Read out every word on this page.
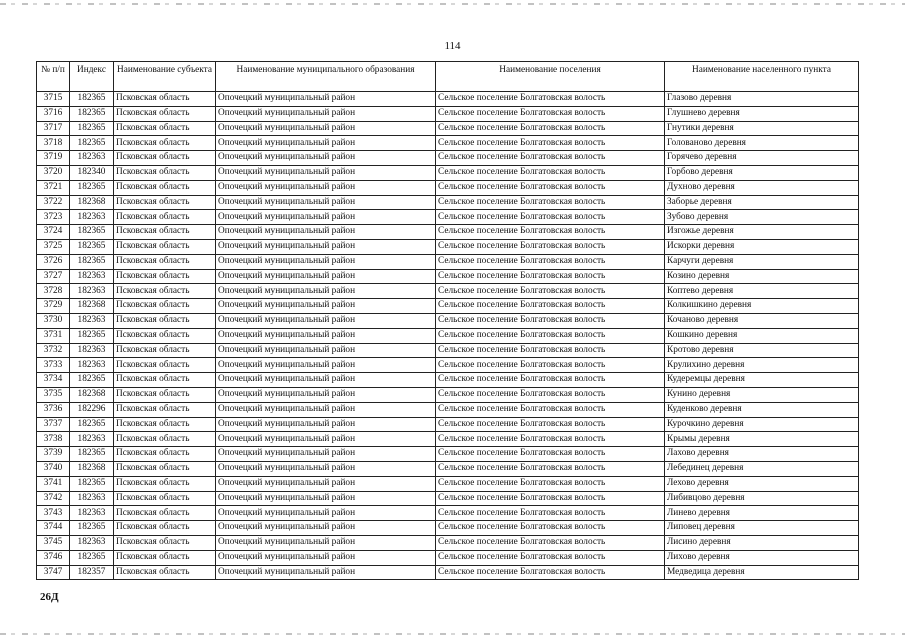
114
№ п/п	Индекс	Наименование субъекта	Наименование муниципального образования	Наименование поселения	Наименование населенного пункта
3715	182365	Псковская область	Опочецкий муниципальный район	Сельское поселение Болгатовская волость	Глазово деревня
3716	182365	Псковская область	Опочецкий муниципальный район	Сельское поселение Болгатовская волость	Глушнево деревня
3717	182365	Псковская область	Опочецкий муниципальный район	Сельское поселение Болгатовская волость	Гнутики деревня
3718	182365	Псковская область	Опочецкий муниципальный район	Сельское поселение Болгатовская волость	Голованово деревня
3719	182363	Псковская область	Опочецкий муниципальный район	Сельское поселение Болгатовская волость	Горячево деревня
3720	182340	Псковская область	Опочецкий муниципальный район	Сельское поселение Болгатовская волость	Горбово деревня
3721	182365	Псковская область	Опочецкий муниципальный район	Сельское поселение Болгатовская волость	Духново деревня
3722	182368	Псковская область	Опочецкий муниципальный район	Сельское поселение Болгатовская волость	Заборье деревня
3723	182363	Псковская область	Опочецкий муниципальный район	Сельское поселение Болгатовская волость	Зубово деревня
3724	182365	Псковская область	Опочецкий муниципальный район	Сельское поселение Болгатовская волость	Изгожье деревня
3725	182365	Псковская область	Опочецкий муниципальный район	Сельское поселение Болгатовская волость	Искорки деревня
3726	182365	Псковская область	Опочецкий муниципальный район	Сельское поселение Болгатовская волость	Карчуги деревня
3727	182363	Псковская область	Опочецкий муниципальный район	Сельское поселение Болгатовская волость	Козино деревня
3728	182363	Псковская область	Опочецкий муниципальный район	Сельское поселение Болгатовская волость	Коптево деревня
3729	182368	Псковская область	Опочецкий муниципальный район	Сельское поселение Болгатовская волость	Колкишкино деревня
3730	182363	Псковская область	Опочецкий муниципальный район	Сельское поселение Болгатовская волость	Кочаново деревня
3731	182365	Псковская область	Опочецкий муниципальный район	Сельское поселение Болгатовская волость	Кошкино деревня
3732	182363	Псковская область	Опочецкий муниципальный район	Сельское поселение Болгатовская волость	Кротово деревня
3733	182363	Псковская область	Опочецкий муниципальный район	Сельское поселение Болгатовская волость	Крулихино деревня
3734	182365	Псковская область	Опочецкий муниципальный район	Сельское поселение Болгатовская волость	Кудеремцы деревня
3735	182368	Псковская область	Опочецкий муниципальный район	Сельское поселение Болгатовская волость	Кунино деревня
3736	182296	Псковская область	Опочецкий муниципальный район	Сельское поселение Болгатовская волость	Куденково деревня
3737	182365	Псковская область	Опочецкий муниципальный район	Сельское поселение Болгатовская волость	Курочкино деревня
3738	182363	Псковская область	Опочецкий муниципальный район	Сельское поселение Болгатовская волость	Крымы деревня
3739	182365	Псковская область	Опочецкий муниципальный район	Сельское поселение Болгатовская волость	Лахово деревня
3740	182368	Псковская область	Опочецкий муниципальный район	Сельское поселение Болгатовская волость	Лебединец деревня
3741	182365	Псковская область	Опочецкий муниципальный район	Сельское поселение Болгатовская волость	Лехово деревня
3742	182363	Псковская область	Опочецкий муниципальный район	Сельское поселение Болгатовская волость	Либивцово деревня
3743	182363	Псковская область	Опочецкий муниципальный район	Сельское поселение Болгатовская волость	Линево деревня
3744	182365	Псковская область	Опочецкий муниципальный район	Сельское поселение Болгатовская волость	Липовец деревня
3745	182363	Псковская область	Опочецкий муниципальный район	Сельское поселение Болгатовская волость	Лисино деревня
3746	182365	Псковская область	Опочецкий муниципальный район	Сельское поселение Болгатовская волость	Лихово деревня
3747	182357	Псковская область	Опочецкий муниципальный район	Сельское поселение Болгатовская волость	Медведица деревня
26Д
